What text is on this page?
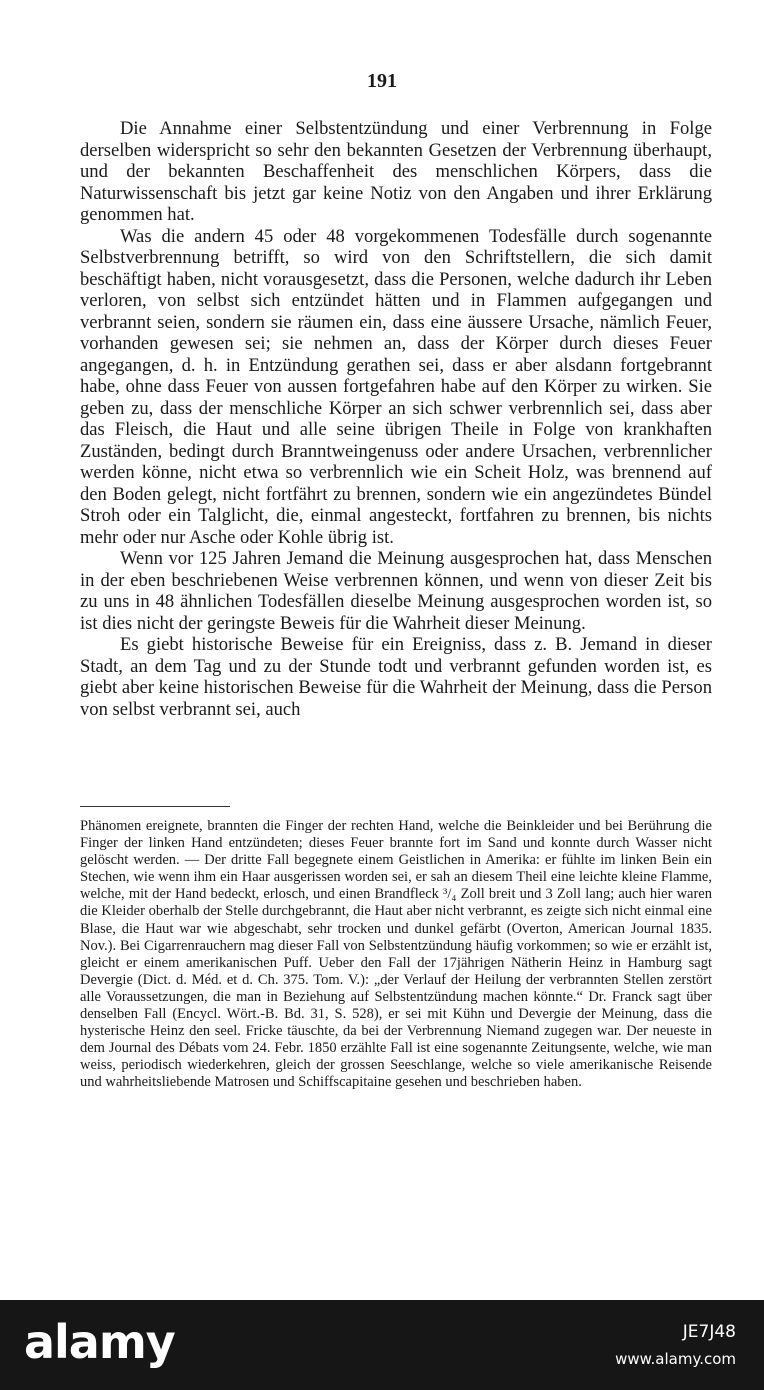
191

Die Annahme einer Selbstentzündung und einer Verbrennung in Folge derselben widerspricht so sehr den bekannten Gesetzen der Verbrennung überhaupt, und der bekannten Beschaffenheit des menschlichen Körpers, dass die Naturwissenschaft bis jetzt gar keine Notiz von den Angaben und ihrer Erklärung genommen hat.

Was die andern 45 oder 48 vorgekommenen Todesfälle durch sogenannte Selbstverbrennung betrifft, so wird von den Schriftstellern, die sich damit beschäftigt haben, nicht vorausgesetzt, dass die Personen, welche dadurch ihr Leben verloren, von selbst sich entzündet hätten und in Flammen aufgegangen und verbrannt seien, sondern sie räumen ein, dass eine äussere Ursache, nämlich Feuer, vorhanden gewesen sei; sie nehmen an, dass der Körper durch dieses Feuer angegangen, d. h. in Entzündung gerathen sei, dass er aber alsdann fortgebrannt habe, ohne dass Feuer von aussen fortgefahren habe auf den Körper zu wirken. Sie geben zu, dass der menschliche Körper an sich schwer verbrennlich sei, dass aber das Fleisch, die Haut und alle seine übrigen Theile in Folge von krankhaften Zuständen, bedingt durch Branntweingenuss oder andere Ursachen, verbrennlicher werden könne, nicht etwa so verbrennlich wie ein Scheit Holz, was brennend auf den Boden gelegt, nicht fortfährt zu brennen, sondern wie ein angezündetes Bündel Stroh oder ein Talglicht, die, einmal angesteckt, fortfahren zu brennen, bis nichts mehr oder nur Asche oder Kohle übrig ist.

Wenn vor 125 Jahren Jemand die Meinung ausgesprochen hat, dass Menschen in der eben beschriebenen Weise verbrennen können, und wenn von dieser Zeit bis zu uns in 48 ähnlichen Todesfällen dieselbe Meinung ausgesprochen worden ist, so ist dies nicht der geringste Beweis für die Wahrheit dieser Meinung.

Es giebt historische Beweise für ein Ereigniss, dass z. B. Jemand in dieser Stadt, an dem Tag und zu der Stunde todt und verbrannt gefunden worden ist, es giebt aber keine historischen Beweise für die Wahrheit der Meinung, dass die Person von selbst verbrannt sei, auch

Phänomen ereignete, brannten die Finger der rechten Hand, welche die Beinkleider und bei Berührung die Finger der linken Hand entzündeten; dieses Feuer brannte fort im Sand und konnte durch Wasser nicht gelöscht werden. — Der dritte Fall begegnete einem Geistlichen in Amerika: er fühlte im linken Bein ein Stechen, wie wenn ihm ein Haar ausgerissen worden sei, er sah an diesem Theil eine leichte kleine Flamme, welche, mit der Hand bedeckt, erlosch, und einen Brandfleck ³/₄ Zoll breit und 3 Zoll lang; auch hier waren die Kleider oberhalb der Stelle durchgebrannt, die Haut aber nicht verbrannt, es zeigte sich nicht einmal eine Blase, die Haut war wie abgeschabt, sehr trocken und dunkel gefärbt (Overton, American Journal 1835. Nov.). Bei Cigarrenrauchern mag dieser Fall von Selbstentzündung häufig vorkommen; so wie er erzählt ist, gleicht er einem amerikanischen Puff. Ueber den Fall der 17jährigen Nätherin Heinz in Hamburg sagt Devergie (Dict. d. Méd. et d. Ch. 375. Tom. V.): „der Verlauf der Heilung der verbrannten Stellen zerstört alle Voraussetzungen, die man in Beziehung auf Selbstentzündung machen könnte.“ Dr. Franck sagt über denselben Fall (Encycl. Wört.-B. Bd. 31, S. 528), er sei mit Kühn und Devergie der Meinung, dass die hysterische Heinz den seel. Fricke täuschte, da bei der Verbrennung Niemand zugegen war. Der neueste in dem Journal des Débats vom 24. Febr. 1850 erzählte Fall ist eine sogenannte Zeitungsente, welche, wie man weiss, periodisch wiederkehren, gleich der grossen Seeschlange, welche so viele amerikanische Reisende und wahrheitsliebende Matrosen und Schiffscapitaine gesehen und beschrieben haben.

alamy	JE7J48
www.alamy.com
